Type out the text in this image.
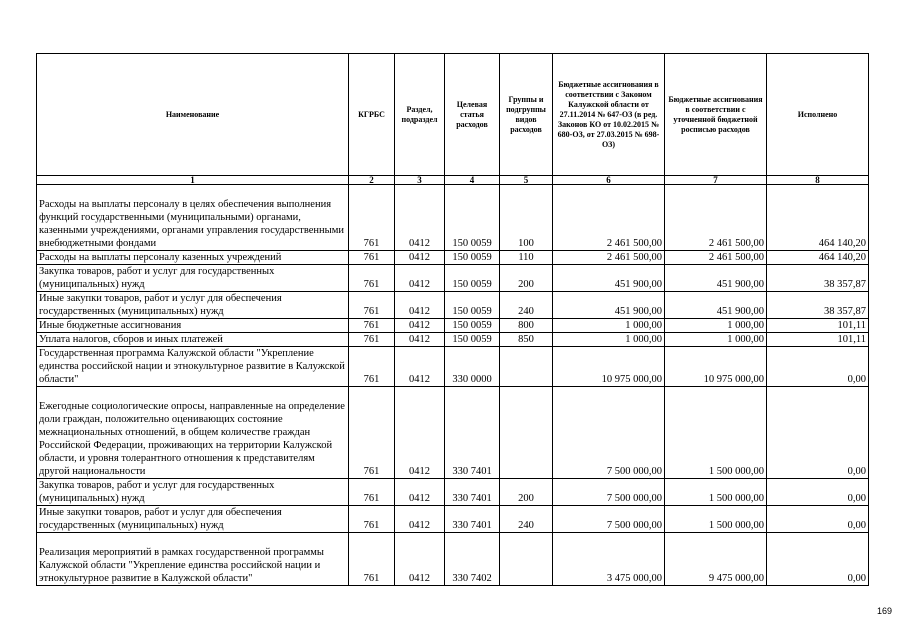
Наименование	КГРБС	Раздел, подраздел	Целевая статья расходов	Группы и подгруппы видов расходов	Бюджетные ассигнования в соответствии с Законом Калужской области от 27.11.2014 № 647-ОЗ (в ред. Законов КО от 10.02.2015 № 680-ОЗ, от 27.03.2015 № 698-ОЗ)	Бюджетные ассигнования в соответствии с уточненной бюджетной росписью расходов	Исполнено
1	2	3	4	5	6	7	8
Расходы на выплаты персоналу в целях обеспечения выполнения функций государственными (муниципальными) органами, казенными учреждениями, органами управления государственными внебюджетными фондами	761	0412	150 0059	100	2 461 500,00	2 461 500,00	464 140,20
Расходы на выплаты персоналу казенных учреждений	761	0412	150 0059	110	2 461 500,00	2 461 500,00	464 140,20
Закупка товаров, работ и услуг для государственных (муниципальных) нужд	761	0412	150 0059	200	451 900,00	451 900,00	38 357,87
Иные закупки товаров, работ и услуг для обеспечения государственных (муниципальных) нужд	761	0412	150 0059	240	451 900,00	451 900,00	38 357,87
Иные бюджетные ассигнования	761	0412	150 0059	800	1 000,00	1 000,00	101,11
Уплата налогов, сборов и иных платежей	761	0412	150 0059	850	1 000,00	1 000,00	101,11
Государственная программа Калужской области "Укрепление единства российской нации и этнокультурное развитие в Калужской области"	761	0412	330 0000		10 975 000,00	10 975 000,00	0,00
Ежегодные социологические опросы, направленные на определение доли граждан, положительно оценивающих состояние межнациональных отношений, в общем количестве граждан Российской Федерации, проживающих на территории Калужской области, и уровня толерантного отношения к представителям другой национальности	761	0412	330 7401		7 500 000,00	1 500 000,00	0,00
Закупка товаров, работ и услуг для государственных (муниципальных) нужд	761	0412	330 7401	200	7 500 000,00	1 500 000,00	0,00
Иные закупки товаров, работ и услуг для обеспечения государственных (муниципальных) нужд	761	0412	330 7401	240	7 500 000,00	1 500 000,00	0,00
Реализация мероприятий в рамках государственной программы Калужской области "Укрепление единства российской нации и этнокультурное развитие в Калужской области"	761	0412	330 7402		3 475 000,00	9 475 000,00	0,00
169
